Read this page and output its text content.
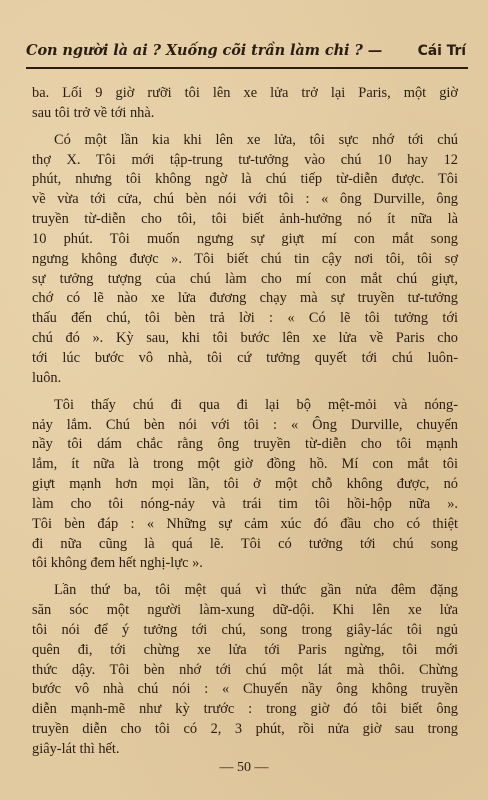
Con người là ai ? Xuống cõi trần làm chi ? —	Cái Trí
ba. Lối 9 giờ rưỡi tôi lên xe lửa trở lại Paris, một giờ
sau tôi trở về tới nhà.
Có một lần kia khi lên xe lửa, tôi sực nhớ tới chú
thợ X. Tôi mới tập-trung tư-tưởng vào chú 10 hay 12
phút, nhưng tôi không ngờ là chú tiếp từ-diễn được. Tôi
về vừa tới cửa, chú bèn nói với tôi : « ông Durville, ông
truyền từ-diễn cho tôi, tôi biết ảnh-hưởng nó ít nữa là
10 phút. Tôi muốn ngưng sự giựt mí con mắt song
ngưng không được ». Tôi biết chú tin cậy nơi tôi, tôi sợ
sự tưởng tượng của chú làm cho mí con mắt chú giựt,
chớ có lẽ nào xe lửa đương chạy mà sự truyền tư-tưởng
thấu đến chú, tôi bèn trả lời : « Có lẽ tôi tưởng tới
chú đó ». Kỳ sau, khi tôi bước lên xe lửa về Paris cho
tới lúc bước vô nhà, tôi cứ tưởng quyết tới chú luôn-
luôn.
Tôi thấy chú đi qua đi lại bộ mệt-mỏi và nóng-
nảy lắm. Chú bèn nói với tôi : « Ông Durville, chuyến
nầy tôi dám chắc rằng ông truyền từ-diễn cho tôi mạnh
lắm, ít nữa là trong một giờ đồng hồ. Mí con mắt tôi
giựt mạnh hơn mọi lần, tôi ở một chỗ không được, nó
làm cho tôi nóng-nảy và trái tim tôi hồi-hộp nữa ».
Tôi bèn đáp : « Những sự cảm xúc đó đầu cho có thiệt
đi nữa cũng là quá lẽ. Tôi có tưởng tới chú song
tôi không đem hết nghị-lực ».
Lần thứ ba, tôi mệt quá vì thức gần nửa đêm đặng
săn sóc một người làm-xung dữ-dội. Khi lên xe lửa
tôi nói để ý tưởng tới chú, song trong giây-lác tôi ngủ
quên đi, tới chừng xe lửa tới Paris ngừng, tôi mới
thức dậy. Tôi bèn nhớ tới chú một lát mà thôi. Chừng
bước vô nhà chú nói : « Chuyến nầy ông không truyền
diễn mạnh-mẽ như kỳ trước : trong giờ đó tôi biết ông
truyền diễn cho tôi có 2, 3 phút, rồi nửa giờ sau trong
giây-lát thì hết.
— 50 —
